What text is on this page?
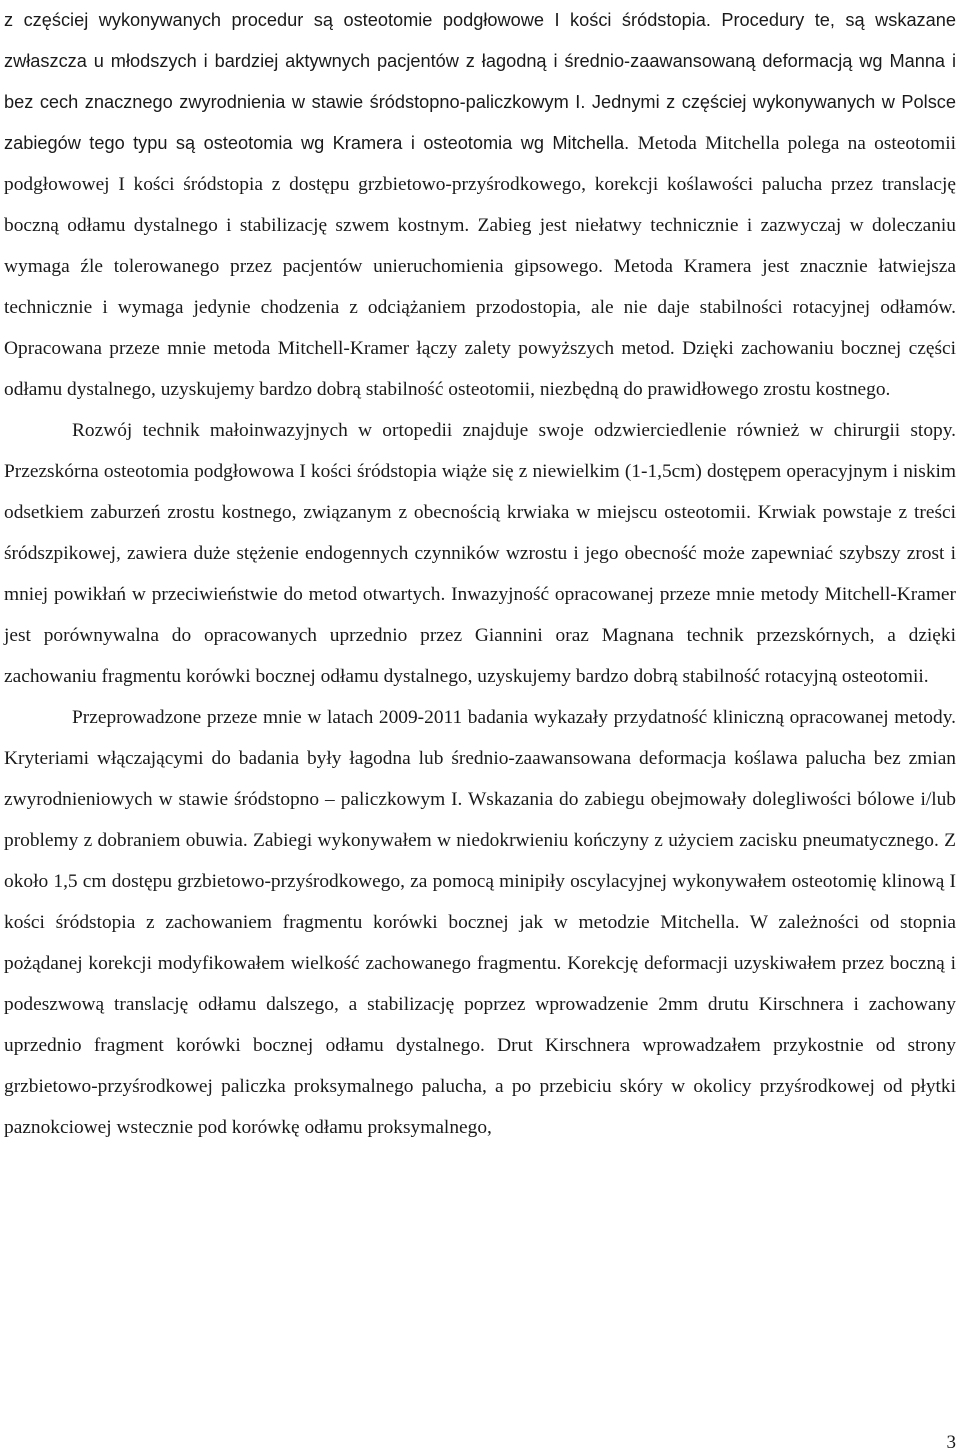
z częściej wykonywanych procedur są osteotomie podgłowowe I kości śródstopia. Procedury te, są wskazane zwłaszcza u młodszych i bardziej aktywnych pacjentów z łagodną i średnio-zaawansowaną deformacją wg Manna i bez cech znacznego zwyrodnienia w stawie śródstopno-paliczkowym I. Jednymi z częściej wykonywanych w Polsce zabiegów tego typu są osteotomia wg Kramera i osteotomia wg Mitchella. Metoda Mitchella polega na osteotomii podgłowowej I kości śródstopia z dostępu grzbietowo-przyśrodkowego, korekcji koślawości palucha przez translację boczną odłamu dystalnego i stabilizację szwem kostnym. Zabieg jest niełatwy technicznie i zazwyczaj w doleczaniu wymaga źle tolerowanego przez pacjentów unieruchomienia gipsowego. Metoda Kramera jest znacznie łatwiejsza technicznie i wymaga jedynie chodzenia z odciążaniem przodostopia, ale nie daje stabilności rotacyjnej odłamów. Opracowana przeze mnie metoda Mitchell-Kramer łączy zalety powyższych metod. Dzięki zachowaniu bocznej części odłamu dystalnego, uzyskujemy bardzo dobrą stabilność osteotomii, niezbędną do prawidłowego zrostu kostnego.

Rozwój technik małoinwazyjnych w ortopedii znajduje swoje odzwierciedlenie również w chirurgii stopy. Przezskórna osteotomia podgłowowa I kości śródstopia wiąże się z niewielkim (1-1,5cm) dostępem operacyjnym i niskim odsetkiem zaburzeń zrostu kostnego, związanym z obecnością krwiaka w miejscu osteotomii. Krwiak powstaje z treści śródszpikowej, zawiera duże stężenie endogennych czynników wzrostu i jego obecność może zapewniać szybszy zrost i mniej powikłań w przeciwieństwie do metod otwartych. Inwazyjność opracowanej przeze mnie metody Mitchell-Kramer jest porównywalna do opracowanych uprzednio przez Giannini oraz Magnana technik przezskórnych, a dzięki zachowaniu fragmentu korówki bocznej odłamu dystalnego, uzyskujemy bardzo dobrą stabilność rotacyjną osteotomii.

Przeprowadzone przeze mnie w latach 2009-2011 badania wykazały przydatność kliniczną opracowanej metody. Kryteriami włączającymi do badania były łagodna lub średnio-zaawansowana deformacja koślawa palucha bez zmian zwyrodnieniowych w stawie śródstopno – paliczkowym I. Wskazania do zabiegu obejmowały dolegliwości bólowe i/lub problemy z dobraniem obuwia. Zabiegi wykonywałem w niedokrwieniu kończyny z użyciem zacisku pneumatycznego. Z około 1,5 cm dostępu grzbietowo-przyśrodkowego, za pomocą minipiły oscylacyjnej wykonywałem osteotomię klinową I kości śródstopia z zachowaniem fragmentu korówki bocznej jak w metodzie Mitchella. W zależności od stopnia pożądanej korekcji modyfikowałem wielkość zachowanego fragmentu. Korekcję deformacji uzyskiwałem przez boczną i podeszwową translację odłamu dalszego, a stabilizację poprzez wprowadzenie 2mm drutu Kirschnera i zachowany uprzednio fragment korówki bocznej odłamu dystalnego. Drut Kirschnera wprowadzałem przykostnie od strony grzbietowo-przyśrodkowej paliczka proksymalnego palucha, a po przebiciu skóry w okolicy przyśrodkowej od płytki paznokciowej wstecznie pod korówkę odłamu proksymalnego,

3
